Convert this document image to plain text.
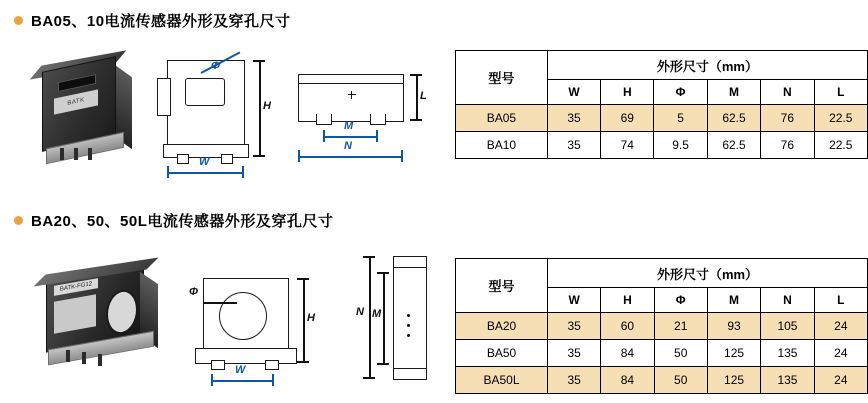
BA05、10电流传感器外形及穿孔尺寸
BATK
Φ
H
W
L
M
N
型号	外形尺寸（mm）					
	W	H	Φ	M	N	L
BA05	35	69	5	62.5	76	22.5
BA10	35	74	9.5	62.5	76	22.5
BA20、50、50L电流传感器外形及穿孔尺寸
BATK-FG12	Φ
H
W
N M
型号	外形尺寸（mm）					
	W	H	Φ	M	N	L
BA20	35	60	21	93	105	24
BA50	35	84	50	125	135	24
BA50L	35	84	50	125	135	24
